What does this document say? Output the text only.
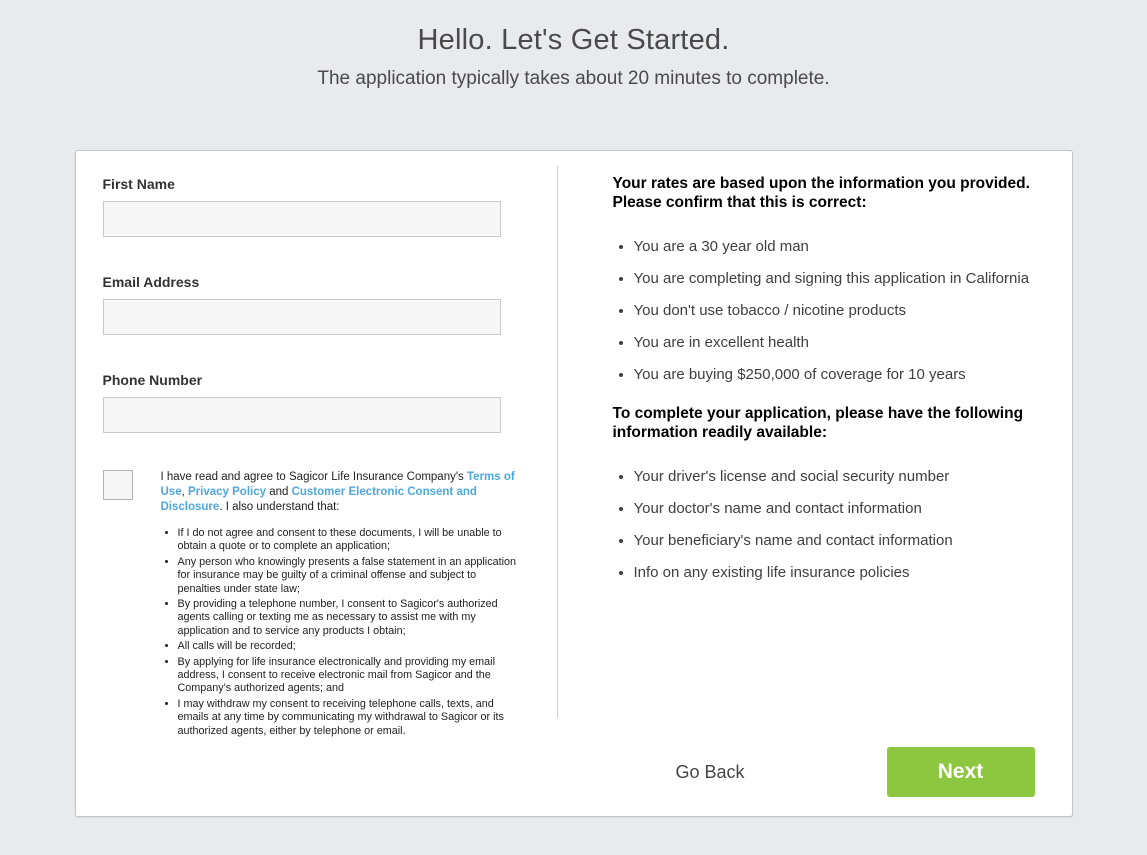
Hello. Let's Get Started.
The application typically takes about 20 minutes to complete.
First Name
Email Address
Phone Number
I have read and agree to Sagicor Life Insurance Company's Terms of Use, Privacy Policy and Customer Electronic Consent and Disclosure. I also understand that:
• If I do not agree and consent to these documents, I will be unable to obtain a quote or to complete an application;
• Any person who knowingly presents a false statement in an application for insurance may be guilty of a criminal offense and subject to penalties under state law;
• By providing a telephone number, I consent to Sagicor's authorized agents calling or texting me as necessary to assist me with my application and to service any products I obtain;
• All calls will be recorded;
• By applying for life insurance electronically and providing my email address, I consent to receive electronic mail from Sagicor and the Company's authorized agents; and
• I may withdraw my consent to receiving telephone calls, texts, and emails at any time by communicating my withdrawal to Sagicor or its authorized agents, either by telephone or email.
Your rates are based upon the information you provided. Please confirm that this is correct:
• You are a 30 year old man
• You are completing and signing this application in California
• You don't use tobacco / nicotine products
• You are in excellent health
• You are buying $250,000 of coverage for 10 years
To complete your application, please have the following information readily available:
• Your driver's license and social security number
• Your doctor's name and contact information
• Your beneficiary's name and contact information
• Info on any existing life insurance policies
Go Back	Next
